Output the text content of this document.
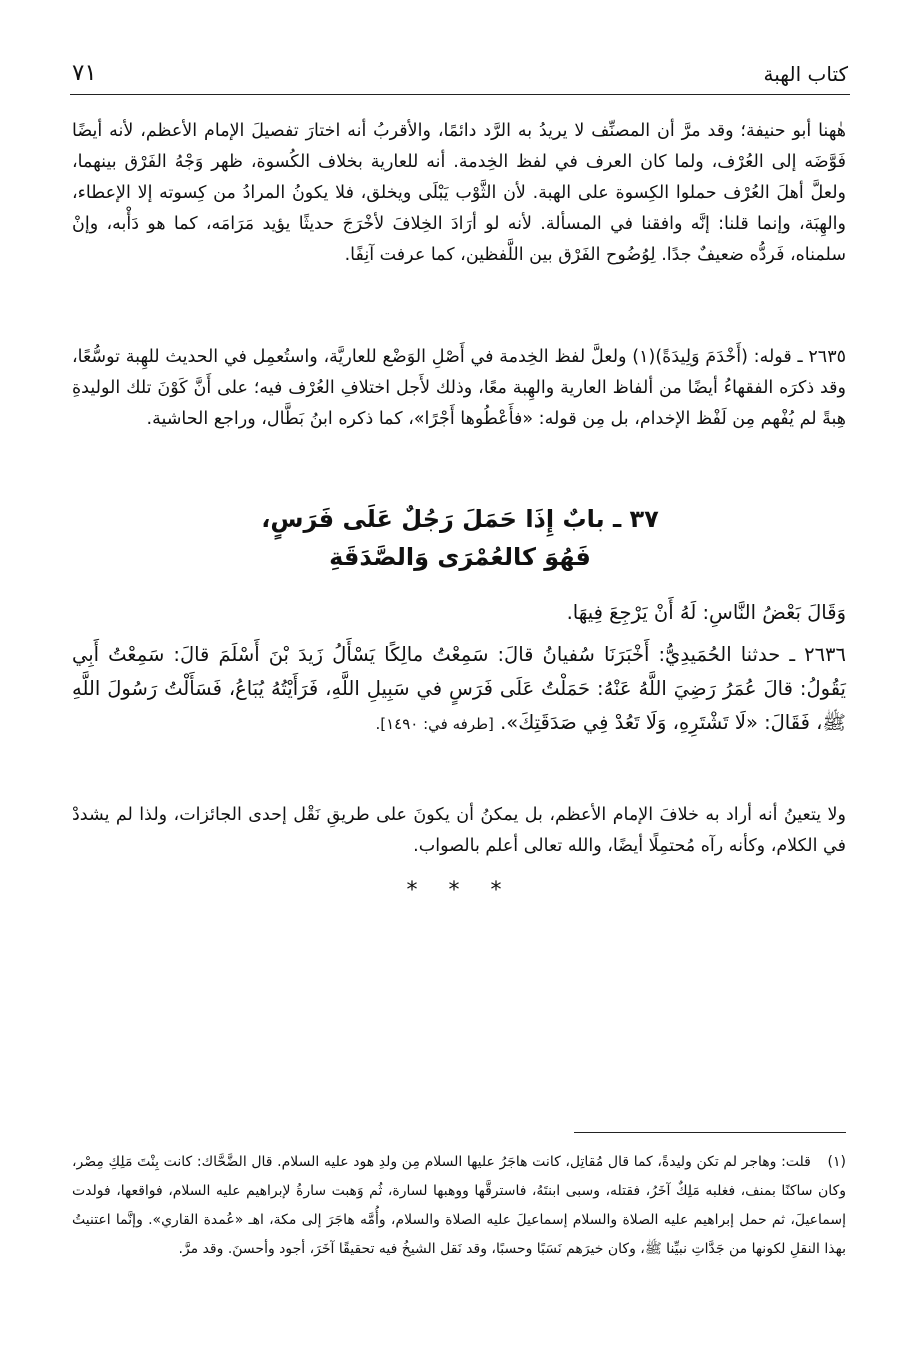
٧١	كتاب الهبة
هٰهنا أبو حنيفة؛ وقد مرَّ أن المصنِّف لا يريدُ به الرَّد دائمًا، والأقربُ أنه اختارَ تفصيلَ الإمام الأعظم، لأنه أيضًا فَوَّضَه إلى العُرْف، ولما كان العرف في لفظ الخِدمة. أنه للعارية بخلاف الكُسوة، ظهر وَجْهُ الفَرْق بينهما، ولعلَّ أهلَ العُرْف حملوا الكِسوة على الهبة. لأن الثَّوْب يَبْلَى ويخلق، فلا يكونُ المرادُ من كِسوته إلا الإعطاء، والهِبَة، وإنما قلنا: إنَّه وافقنا في المسألة. لأنه لو أرَادَ الخِلافَ لأخْرَجَ حديثًا يؤيد مَرَامَه، كما هو دَأْبه، وإنْ سلمناه، فَردُّه ضعيفٌ جدًا. لِوُضُوح الفَرْق بين اللَّفظين، كما عرفت آنِفًا.
٢٦٣٥ ـ قوله: (أَخْدَمَ وَلِيدَةً)(١) ولعلَّ لفظ الخِدمة في أَصْلِ الوَضْع للعاريَّة، واستُعمِل في الحديث للهِبة توسُّعًا، وقد ذكرَه الفقهاءُ أيضًا من ألفاظ العارية والهِبة معًا، وذلك لأَجل اختلافِ العُرْف فيه؛ على أَنَّ كَوْنَ تلك الوليدةِ هِبةً لم يُفْهم مِن لَفْظ الإخدام، بل مِن قوله: «فأَعْطُوها أَجْرًا»، كما ذكره ابنُ بَطَّال، وراجع الحاشية.
٣٧ ـ بابٌ إِذَا حَمَلَ رَجُلٌ عَلَى فَرَسٍ،
فَهُوَ كالعُمْرَى وَالصَّدَقَةِ
وَقَالَ بَعْضُ النَّاسِ: لَهُ أَنْ يَرْجِعَ فِيهَا.
٢٦٣٦ ـ حدثنا الحُمَيدِيُّ: أَخْبَرَنَا سُفيانُ قالَ: سَمِعْتُ مالِكًا يَسْأَلُ زَيدَ بْنَ أَسْلَمَ قالَ: سَمِعْتُ أَبِي يَقُولُ: قالَ عُمَرُ رَضِيَ اللَّهُ عَنْهُ: حَمَلْتُ عَلَى فَرَسٍ في سَبِيلِ اللَّهِ، فَرَأَيْتُهُ يُبَاعُ، فَسَأَلْتُ رَسُولَ اللَّهِ ﷺ، فَقَالَ: «لَا تَشْتَرِهِ، وَلَا تَعُدْ فِي صَدَقَتِكَ». [طرفه في: ١٤٩٠].
ولا يتعينُ أنه أراد به خلافَ الإمام الأعظم، بل يمكنُ أن يكونَ على طريقِ نَقْل إحدى الجائزات، ولذا لم يشددْ في الكلام، وكأنه رآه مُحتمِلًا أيضًا، والله تعالى أعلم بالصواب.
* * *
(١) قلت: وهاجر لم تكن وليدةً، كما قال مُقاتِل، كانت هاجَرُ عليها السلام مِن ولدِ هود عليه السلام. قال الضَّحَّاك: كانت بِنْتَ مَلِكِ مِصْر، وكان ساكنًا بمنف، فغلبه مَلِكٌ آخَرُ، فقتله، وسبى ابنتَهُ، فاسترقَّها ووهبها لسارة، ثُم وَهبت سارةُ لإبراهيم عليه السلام، فواقعها، فولدت إسماعيلَ، ثم حمل إبراهيم عليه الصلاة والسلام إسماعيلَ عليه الصلاة والسلام، وأُمَّه هاجَرَ إلى مكة، اهـ «عُمدة القاري». وإنَّما اعتنيتُ بهذا النقلِ لكونها من جَدَّاتِ نبيِّنا ﷺ، وكان خيرَهم نَسَبًا وحسبًا، وقد نَقل الشيخُ فيه تحقيقًا آخَرَ، أجود وأحسنَ. وقد مرَّ.
